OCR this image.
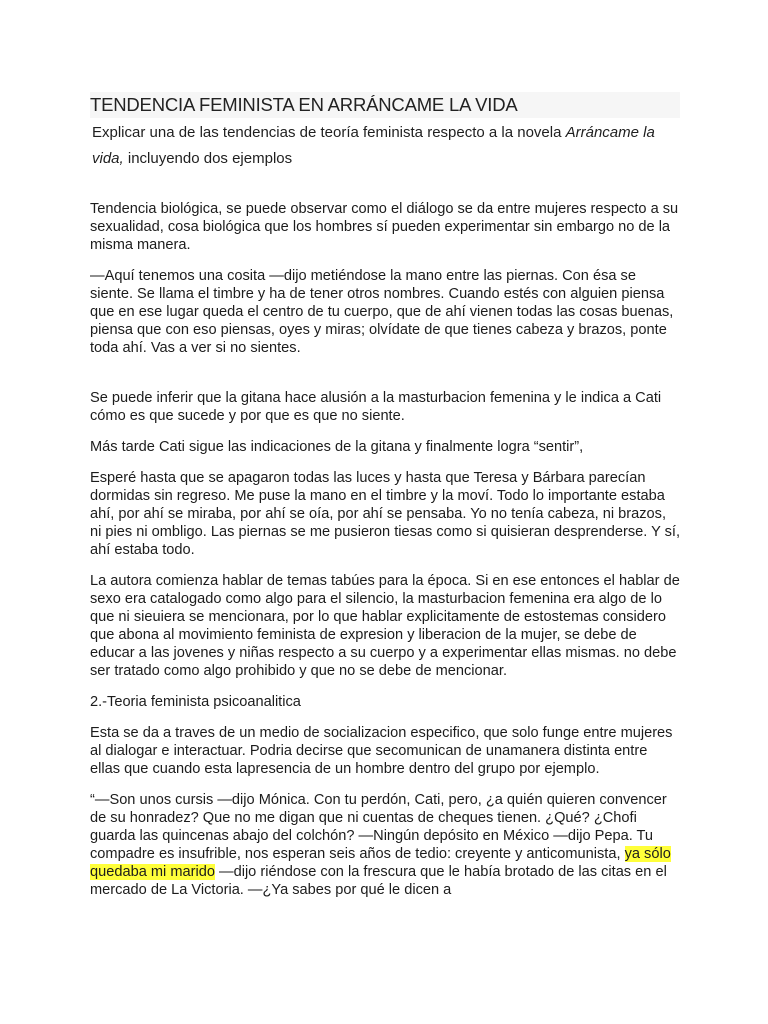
TENDENCIA FEMINISTA EN ARRÁNCAME LA VIDA

Explicar una de las tendencias de teoría feminista respecto a la novela Arráncame la vida, incluyendo dos ejemplos

Tendencia biológica, se puede observar como el diálogo se da entre mujeres respecto a su sexualidad, cosa biológica que los hombres sí pueden experimentar sin embargo no de la misma manera.

—Aquí tenemos una cosita —dijo metiéndose la mano entre las piernas. Con ésa se siente. Se llama el timbre y ha de tener otros nombres. Cuando estés con alguien piensa que en ese lugar queda el centro de tu cuerpo, que de ahí vienen todas las cosas buenas, piensa que con eso piensas, oyes y miras; olvídate de que tienes cabeza y brazos, ponte toda ahí. Vas a ver si no sientes.

Se puede inferir que la gitana hace alusión a la masturbacion femenina y le indica a Cati cómo es que sucede y por que es que no siente.

Más tarde Cati sigue las indicaciones de la gitana y finalmente logra “sentir”,

Esperé hasta que se apagaron todas las luces y hasta que Teresa y Bárbara parecían dormidas sin regreso. Me puse la mano en el timbre y la moví. Todo lo importante estaba ahí, por ahí se miraba, por ahí se oía, por ahí se pensaba. Yo no tenía cabeza, ni brazos, ni pies ni ombligo. Las piernas se me pusieron tiesas como si quisieran desprenderse. Y sí, ahí estaba todo.

La autora comienza hablar de temas tabúes para la época. Si en ese entonces el hablar de sexo era catalogado como algo para el silencio, la masturbacion femenina era algo de lo que ni sieuiera se mencionara, por lo que hablar explicitamente de estostemas considero que abona al movimiento feminista de expresion y liberacion de la mujer, se debe de educar a las jovenes y niñas respecto a su cuerpo y a experimentar ellas mismas. no debe ser tratado como algo prohibido y que no se debe de mencionar.

2.-Teoria feminista psicoanalitica

Esta se da a traves de un medio de socializacion especifico, que solo funge entre mujeres al dialogar e interactuar. Podria decirse que secomunican de unamanera distinta entre ellas que cuando esta lapresencia de un hombre dentro del grupo por ejemplo.

“—Son unos cursis —dijo Mónica. Con tu perdón, Cati, pero, ¿a quién quieren convencer de su honradez? Que no me digan que ni cuentas de cheques tienen. ¿Qué? ¿Chofi guarda las quincenas abajo del colchón? —Ningún depósito en México —dijo Pepa. Tu compadre es insufrible, nos esperan seis años de tedio: creyente y anticomunista, ya sólo quedaba mi marido —dijo riéndose con la frescura que le había brotado de las citas en el mercado de La Victoria. —¿Ya sabes por qué le dicen a
